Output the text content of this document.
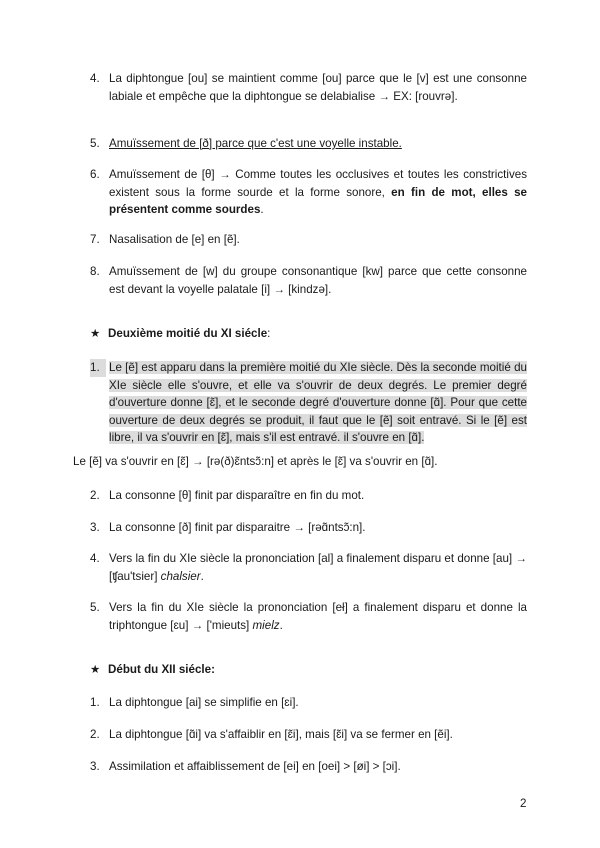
4. La diphtongue [ou] se maintient comme [ou] parce que le [v] est une consonne labiale et empêche que la diphtongue se delabialise → EX: [rouvrə].
5. Amuïssement de [ð] parce que c'est une voyelle instable.
6. Amuïssement de [θ] → Comme toutes les occlusives et toutes les constrictives existent sous la forme sourde et la forme sonore, en fin de mot, elles se présentent comme sourdes.
7. Nasalisation de [e] en [ẽ].
8. Amuïssement de [w] du groupe consonantique [kw] parce que cette consonne est devant la voyelle palatale [i] → [kindzə].
★ Deuxième moitié du XI siécle:
1. Le [ẽ] est apparu dans la première moitié du XIe siècle. Dès la seconde moitié du XIe siècle elle s'ouvre, et elle va s'ouvrir de deux degrés. Le premier degré d'ouverture donne [ɛ̃], et le seconde degré d'ouverture donne [ɑ̃]. Pour que cette ouverture de deux degrés se produit, il faut que le [ẽ] soit entravé. Si le [ẽ] est libre, il va s'ouvrir en [ɛ̃], mais s'il est entravé. il s'ouvre en [ɑ̃].
Le [ẽ] va s'ouvrir en [ɛ̃] → [rə(ð)ɛ̃ntsɔ̃:n] et après le [ɛ̃] va s'ouvrir en [ɑ̃].
2. La consonne [θ] finit par disparaître en fin du mot.
3. La consonne [ð] finit par disparaitre → [rəɑ̃ntsɔ̃:n].
4. Vers la fin du XIe siècle la prononciation [al] a finalement disparu et donne [au] → [ʧau'tsier] chalsier.
5. Vers la fin du XIe siècle la prononciation [eł] a finalement disparu et donne la triphtongue [ɛu] → ['mieuts] mielz.
★ Début du XII siécle:
1. La diphtongue [ai] se simplifie en [ɛi].
2. La diphtongue [ɑ̃i] va s'affaiblir en [ɛ̃i], mais [ɛ̃i] va se fermer en [ẽi].
3. Assimilation et affaiblissement de [ei] en [oei] > [øi] > [ɔi].
2
